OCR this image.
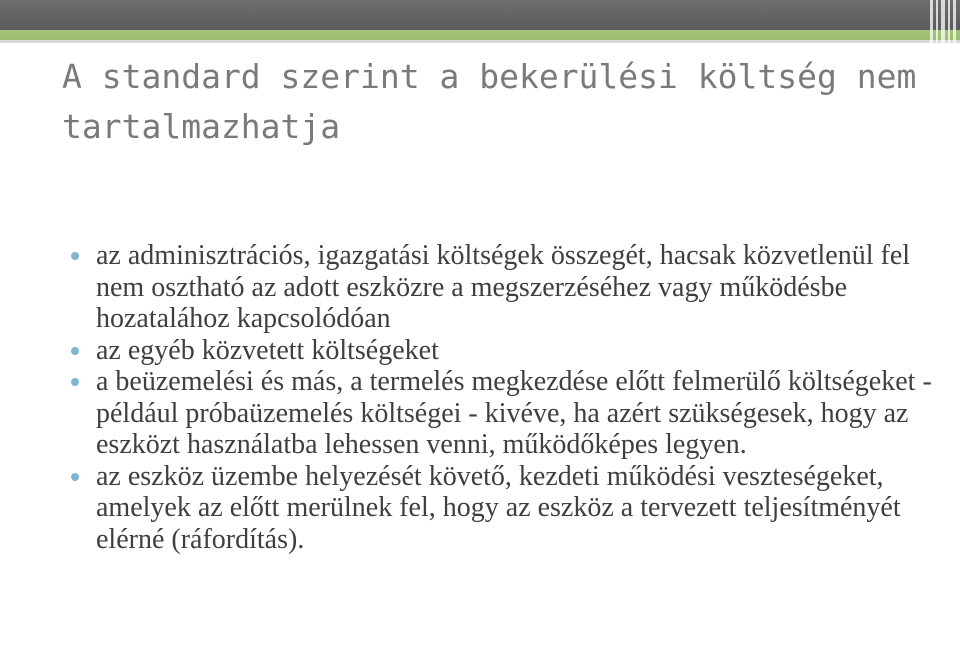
A standard szerint a bekerülési költség nem tartalmazhatja
az adminisztrációs, igazgatási költségek összegét, hacsak közvetlenül fel nem osztható az adott eszközre a megszerzéséhez vagy működésbe hozatalához kapcsolódóan
az egyéb közvetett költségeket
a beüzemelési és más, a termelés megkezdése előtt felmerülő költségeket - például próbaüzemelés költségei - kivéve, ha azért szükségesek, hogy az eszközt használatba lehessen venni, működőképes legyen.
az eszköz üzembe helyezését követő, kezdeti működési veszteségeket, amelyek az előtt merülnek fel, hogy az eszköz a tervezett teljesítményét elérné (ráfordítás).
